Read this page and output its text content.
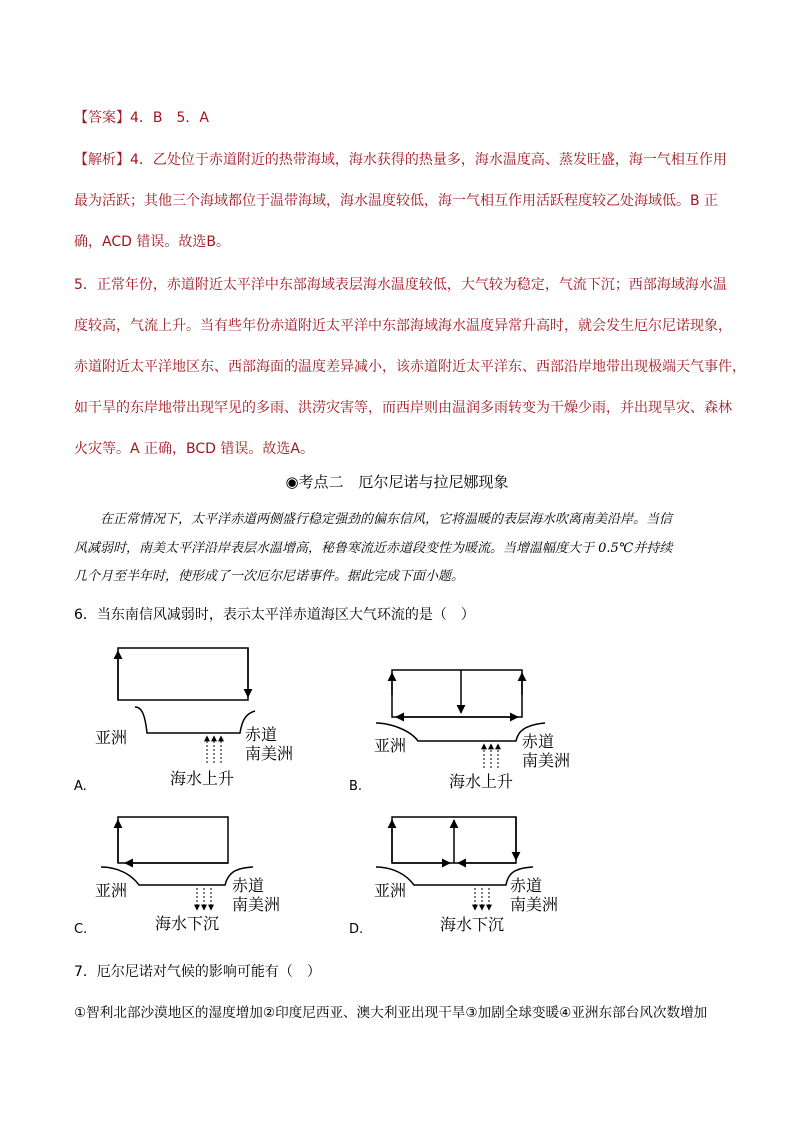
【答案】4．B　5．A
【解析】4．乙处位于赤道附近的热带海域，海水获得的热量多，海水温度高、蒸发旺盛，海一气相互作用
最为活跃；其他三个海域都位于温带海域，海水温度较低，海一气相互作用活跃程度较乙处海域低。B 正
确，ACD 错误。故选B。
5．正常年份，赤道附近太平洋中东部海域表层海水温度较低，大气较为稳定，气流下沉；西部海域海水温
度较高，气流上升。当有些年份赤道附近太平洋中东部海域海水温度异常升高时，就会发生厄尔尼诺现象，
赤道附近太平洋地区东、西部海面的温度差异减小，该赤道附近太平洋东、西部沿岸地带出现极端天气事件，
如干旱的东岸地带出现罕见的多雨、洪涝灾害等，而西岸则由温润多雨转变为干燥少雨，并出现旱灾、森林
火灾等。A 正确，BCD 错误。故选A。
◉考点二　厄尔尼诺与拉尼娜现象
在正常情况下，太平洋赤道两侧盛行稳定强劲的偏东信风，它将温暖的表层海水吹离南美沿岸。当信
风减弱时，南美太平洋沿岸表层水温增高，秘鲁寒流近赤道段变性为暖流。当增温幅度大于 0.5℃并持续
几个月至半年时，使形成了一次厄尔尼诺事件。据此完成下面小题。
6．当东南信风减弱时，表示太平洋赤道海区大气环流的是（　）
A.
亚洲	赤道
南美洲
海水上升	B.
亚洲	赤道
南美洲
海水上升
C.
亚洲	赤道
南美洲
海水下沉	D.
亚洲	赤道
南美洲
海水下沉
7．厄尔尼诺对气候的影响可能有（　）
①智利北部沙漠地区的湿度增加②印度尼西亚、澳大利亚出现干旱③加剧全球变暖④亚洲东部台风次数增加
